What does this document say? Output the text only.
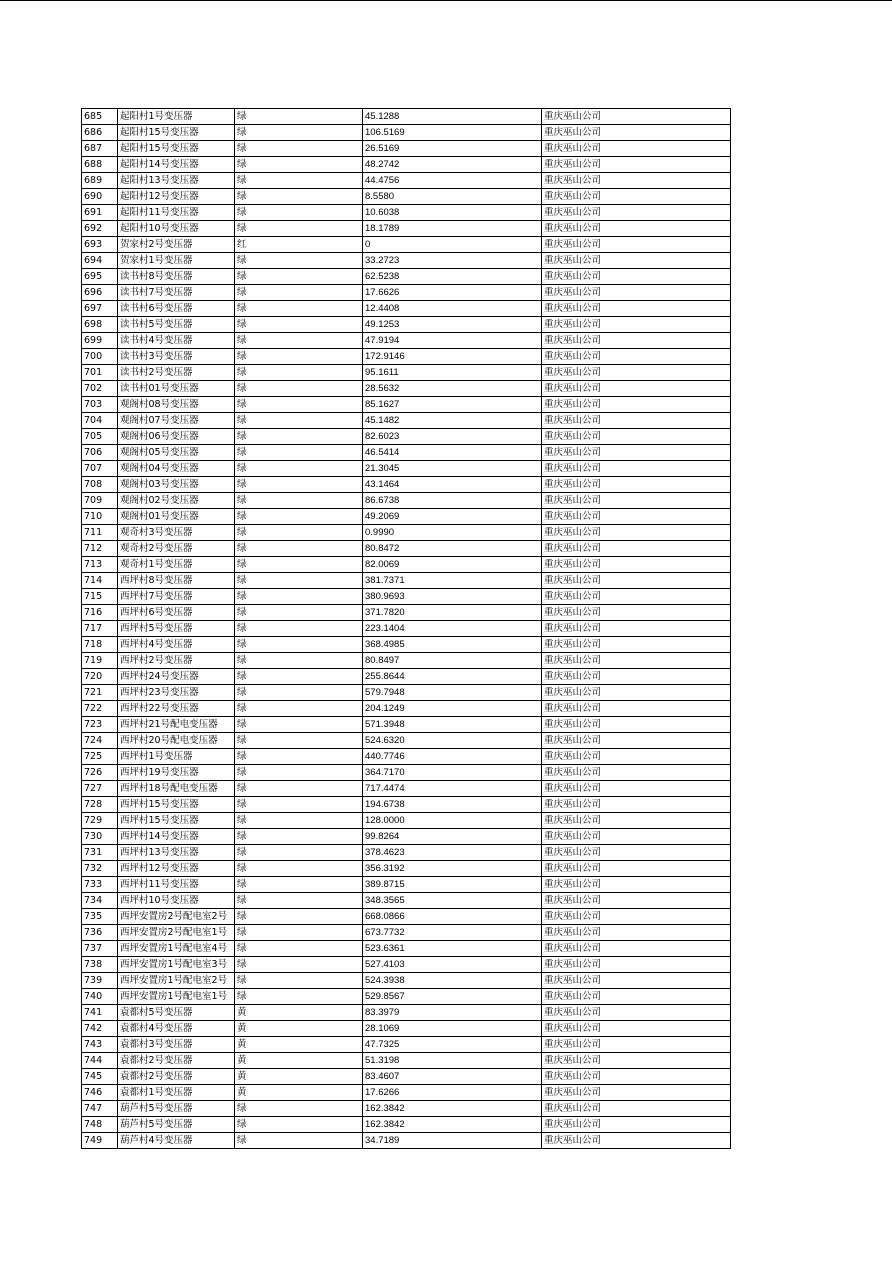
685	起阳村1号变压器	绿	45.1288	重庆巫山公司
686	起阳村15号变压器	绿	106.5169	重庆巫山公司
687	起阳村15号变压器	绿	26.5169	重庆巫山公司
688	起阳村14号变压器	绿	48.2742	重庆巫山公司
689	起阳村13号变压器	绿	44.4756	重庆巫山公司
690	起阳村12号变压器	绿	8.5580	重庆巫山公司
691	起阳村11号变压器	绿	10.6038	重庆巫山公司
692	起阳村10号变压器	绿	18.1789	重庆巫山公司
693	贺家村2号变压器	红	0	重庆巫山公司
694	贺家村1号变压器	绿	33.2723	重庆巫山公司
695	读书村8号变压器	绿	62.5238	重庆巫山公司
696	读书村7号变压器	绿	17.6626	重庆巫山公司
697	读书村6号变压器	绿	12.4408	重庆巫山公司
698	读书村5号变压器	绿	49.1253	重庆巫山公司
699	读书村4号变压器	绿	47.9194	重庆巫山公司
700	读书村3号变压器	绿	172.9146	重庆巫山公司
701	读书村2号变压器	绿	95.1611	重庆巫山公司
702	读书村01号变压器	绿	28.5632	重庆巫山公司
703	观阁村08号变压器	绿	85.1627	重庆巫山公司
704	观阁村07号变压器	绿	45.1482	重庆巫山公司
705	观阁村06号变压器	绿	82.6023	重庆巫山公司
706	观阁村05号变压器	绿	46.5414	重庆巫山公司
707	观阁村04号变压器	绿	21.3045	重庆巫山公司
708	观阁村03号变压器	绿	43.1464	重庆巫山公司
709	观阁村02号变压器	绿	86.6738	重庆巫山公司
710	观阁村01号变压器	绿	49.2069	重庆巫山公司
711	观奇村3号变压器	绿	0.9990	重庆巫山公司
712	观奇村2号变压器	绿	80.8472	重庆巫山公司
713	观奇村1号变压器	绿	82.0069	重庆巫山公司
714	西坪村8号变压器	绿	381.7371	重庆巫山公司
715	西坪村7号变压器	绿	380.9693	重庆巫山公司
716	西坪村6号变压器	绿	371.7820	重庆巫山公司
717	西坪村5号变压器	绿	223.1404	重庆巫山公司
718	西坪村4号变压器	绿	368.4985	重庆巫山公司
719	西坪村2号变压器	绿	80.8497	重庆巫山公司
720	西坪村24号变压器	绿	255.8644	重庆巫山公司
721	西坪村23号变压器	绿	579.7948	重庆巫山公司
722	西坪村22号变压器	绿	204.1249	重庆巫山公司
723	西坪村21号配电变压器	绿	571.3948	重庆巫山公司
724	西坪村20号配电变压器	绿	524.6320	重庆巫山公司
725	西坪村1号变压器	绿	440.7746	重庆巫山公司
726	西坪村19号变压器	绿	364.7170	重庆巫山公司
727	西坪村18号配电变压器	绿	717.4474	重庆巫山公司
728	西坪村15号变压器	绿	194.6738	重庆巫山公司
729	西坪村15号变压器	绿	128.0000	重庆巫山公司
730	西坪村14号变压器	绿	99.8264	重庆巫山公司
731	西坪村13号变压器	绿	378.4623	重庆巫山公司
732	西坪村12号变压器	绿	356.3192	重庆巫山公司
733	西坪村11号变压器	绿	389.8715	重庆巫山公司
734	西坪村10号变压器	绿	348.3565	重庆巫山公司
735	西坪安置房2号配电室2号	绿	668.0866	重庆巫山公司
736	西坪安置房2号配电室1号	绿	673.7732	重庆巫山公司
737	西坪安置房1号配电室4号	绿	523.6361	重庆巫山公司
738	西坪安置房1号配电室3号	绿	527.4103	重庆巫山公司
739	西坪安置房1号配电室2号	绿	524.3938	重庆巫山公司
740	西坪安置房1号配电室1号	绿	529.8567	重庆巫山公司
741	袁都村5号变压器	黄	83.3979	重庆巫山公司
742	袁都村4号变压器	黄	28.1069	重庆巫山公司
743	袁都村3号变压器	黄	47.7325	重庆巫山公司
744	袁都村2号变压器	黄	51.3198	重庆巫山公司
745	袁都村2号变压器	黄	83.4607	重庆巫山公司
746	袁都村1号变压器	黄	17.6266	重庆巫山公司
747	葫芦村5号变压器	绿	162.3842	重庆巫山公司
748	葫芦村5号变压器	绿	162.3842	重庆巫山公司
749	葫芦村4号变压器	绿	34.7189	重庆巫山公司
